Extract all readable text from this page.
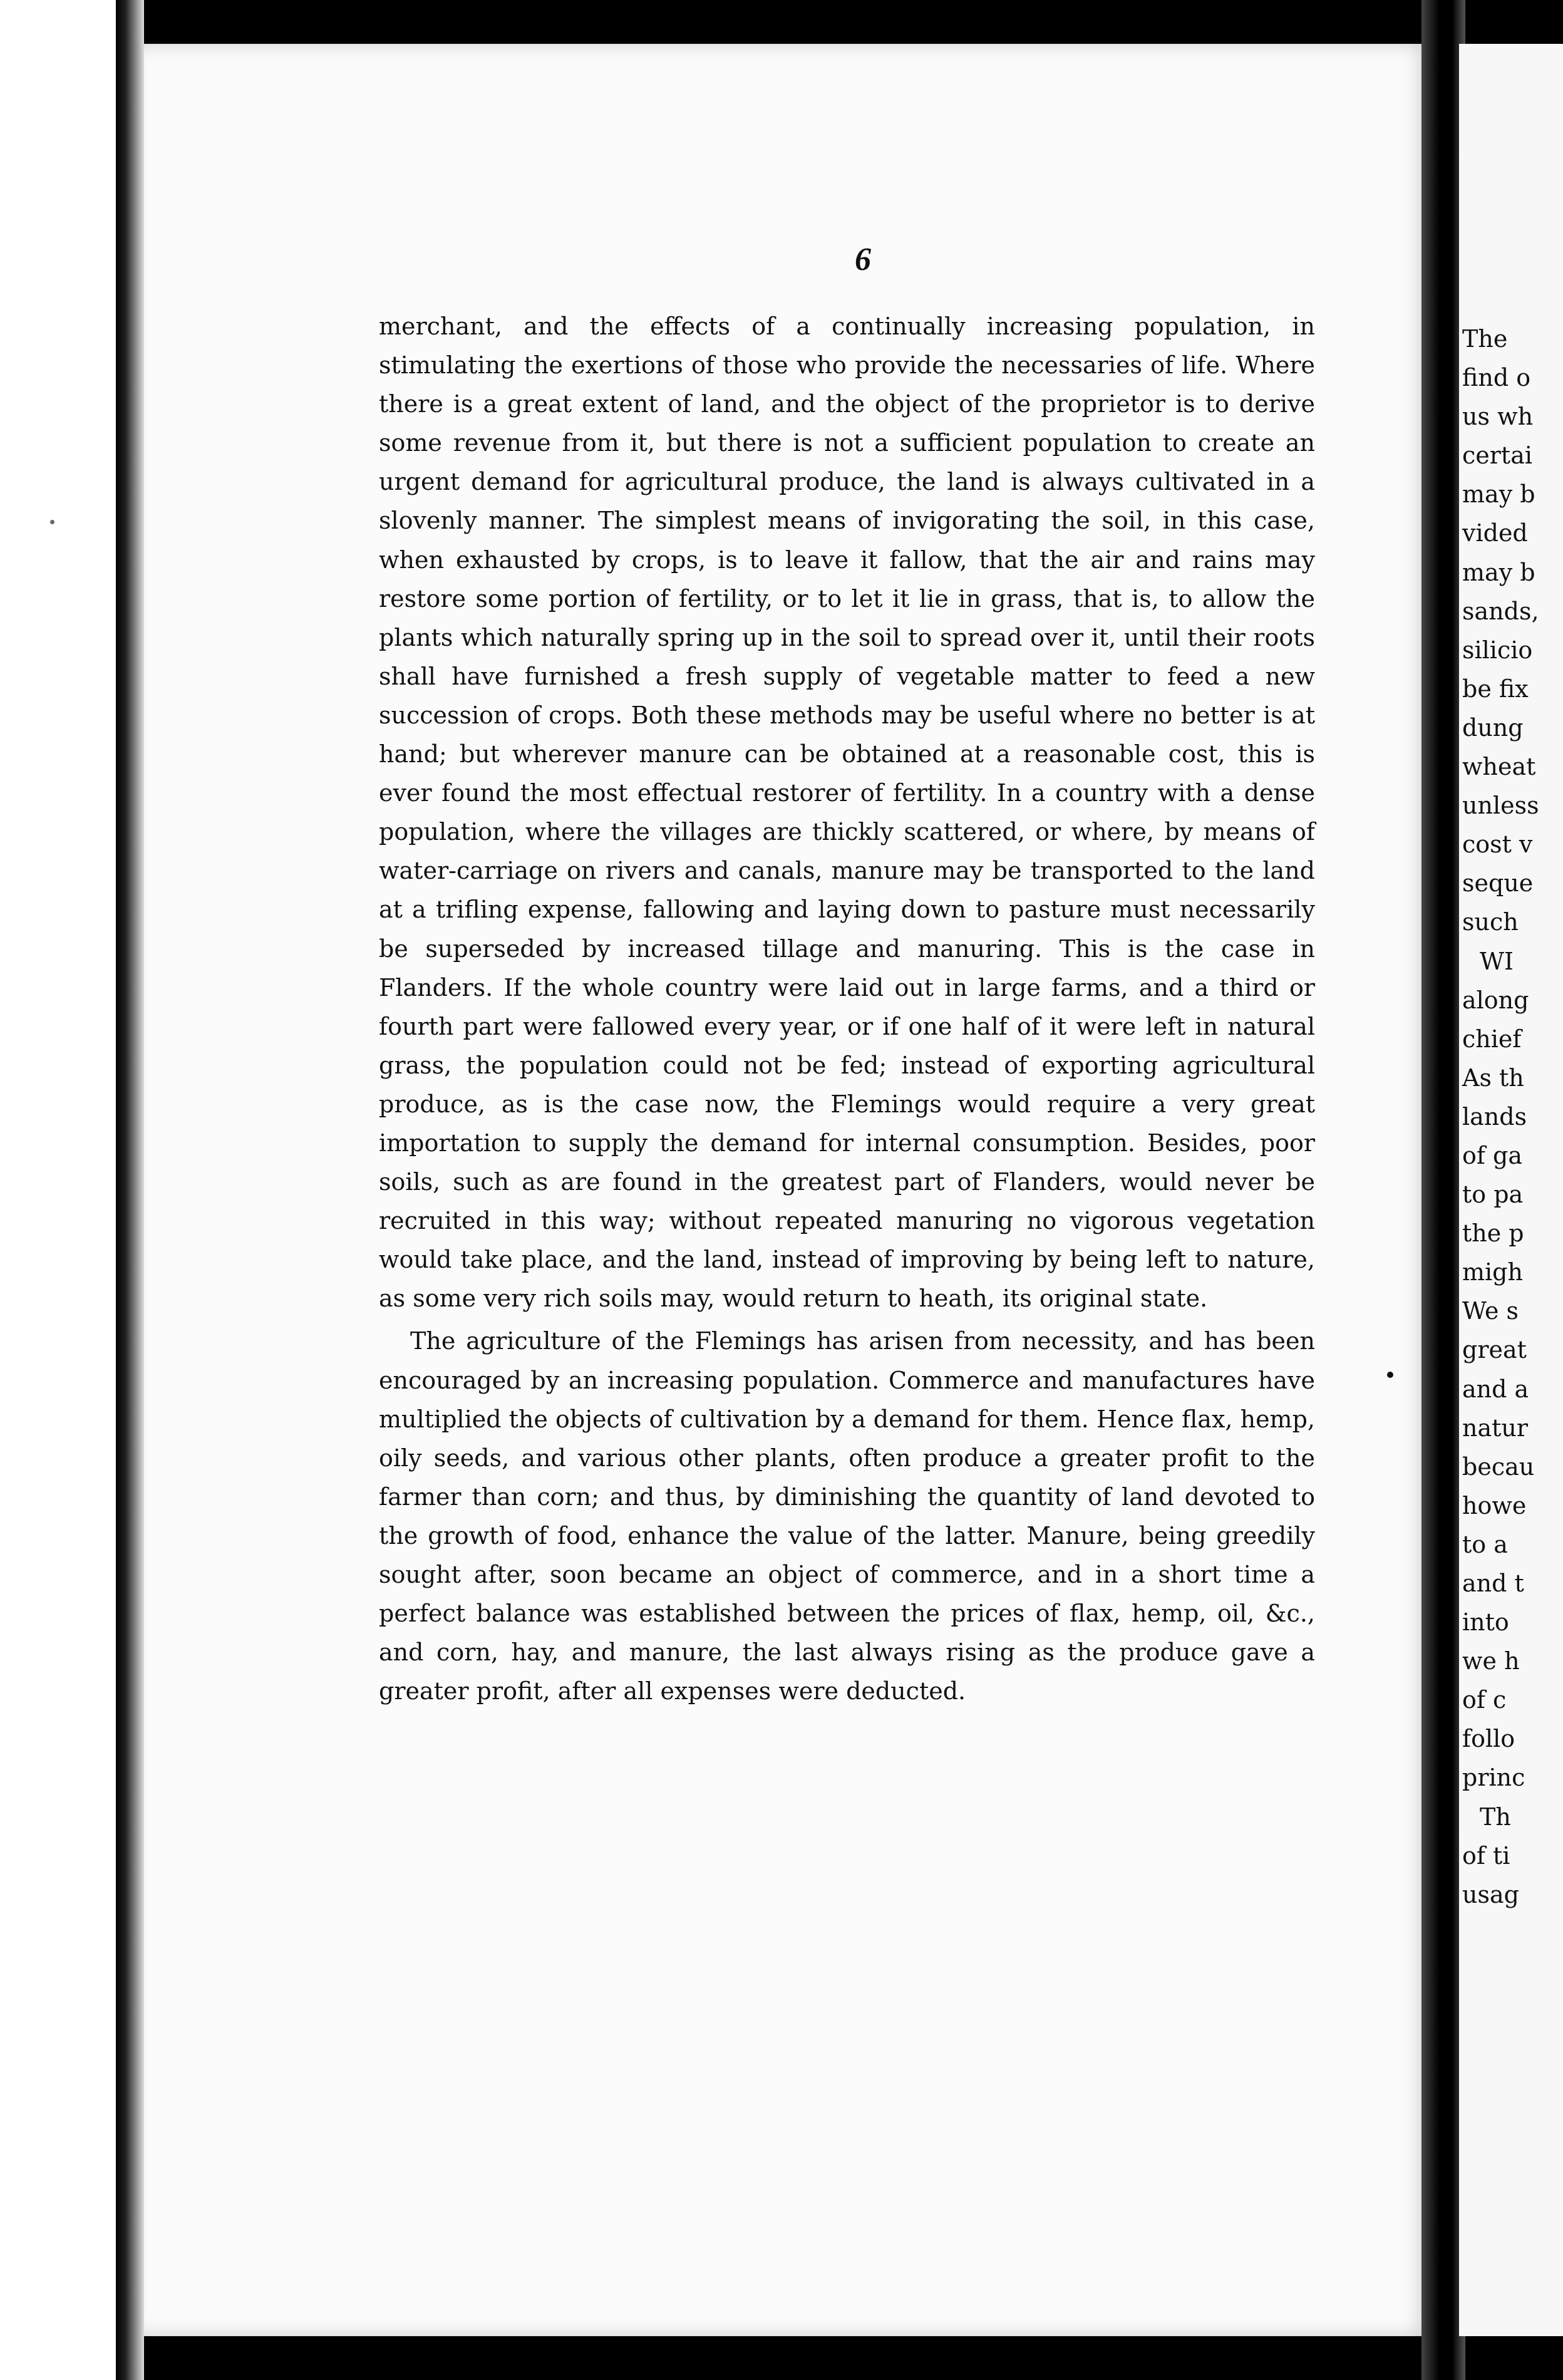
6

merchant, and the effects of a continually increasing population, in stimulating the exertions of those who provide the necessaries of life. Where there is a great extent of land, and the object of the proprietor is to derive some revenue from it, but there is not a sufficient population to create an urgent demand for agricultural produce, the land is always cultivated in a slovenly manner. The simplest means of invigorating the soil, in this case, when exhausted by crops, is to leave it fallow, that the air and rains may restore some portion of fertility, or to let it lie in grass, that is, to allow the plants which naturally spring up in the soil to spread over it, until their roots shall have furnished a fresh supply of vegetable matter to feed a new succession of crops. Both these methods may be useful where no better is at hand; but wherever manure can be obtained at a reasonable cost, this is ever found the most effectual restorer of fertility. In a country with a dense population, where the villages are thickly scattered, or where, by means of water-carriage on rivers and canals, manure may be transported to the land at a trifling expense, fallowing and laying down to pasture must necessarily be superseded by increased tillage and manuring. This is the case in Flanders. If the whole country were laid out in large farms, and a third or fourth part were fallowed every year, or if one half of it were left in natural grass, the population could not be fed; instead of exporting agricultural produce, as is the case now, the Flemings would require a very great importation to supply the demand for internal consumption. Besides, poor soils, such as are found in the greatest part of Flanders, would never be recruited in this way; without repeated manuring no vigorous vegetation would take place, and the land, instead of improving by being left to nature, as some very rich soils may, would return to heath, its original state.

The agriculture of the Flemings has arisen from necessity, and has been encouraged by an increasing population. Commerce and manufactures have multiplied the objects of cultivation by a demand for them. Hence flax, hemp, oily seeds, and various other plants, often produce a greater profit to the farmer than corn; and thus, by diminishing the quantity of land devoted to the growth of food, enhance the value of the latter. Manure, being greedily sought after, soon became an object of commerce, and in a short time a perfect balance was established between the prices of flax, hemp, oil, &c., and corn, hay, and manure, the last always rising as the produce gave a greater profit, after all expenses were deducted.

The
find o
us wh
certai
may b
vided
may b
sands,
silicio
be fix
dung
wheat
unless
cost v
seque
such
WI
along
chief
As th
lands
of ga
to pa
the p
migh
We s
great
and a
natur
becau
howe
to a
and t
into
we h
of c
follo
princ
Th
of ti
usag
